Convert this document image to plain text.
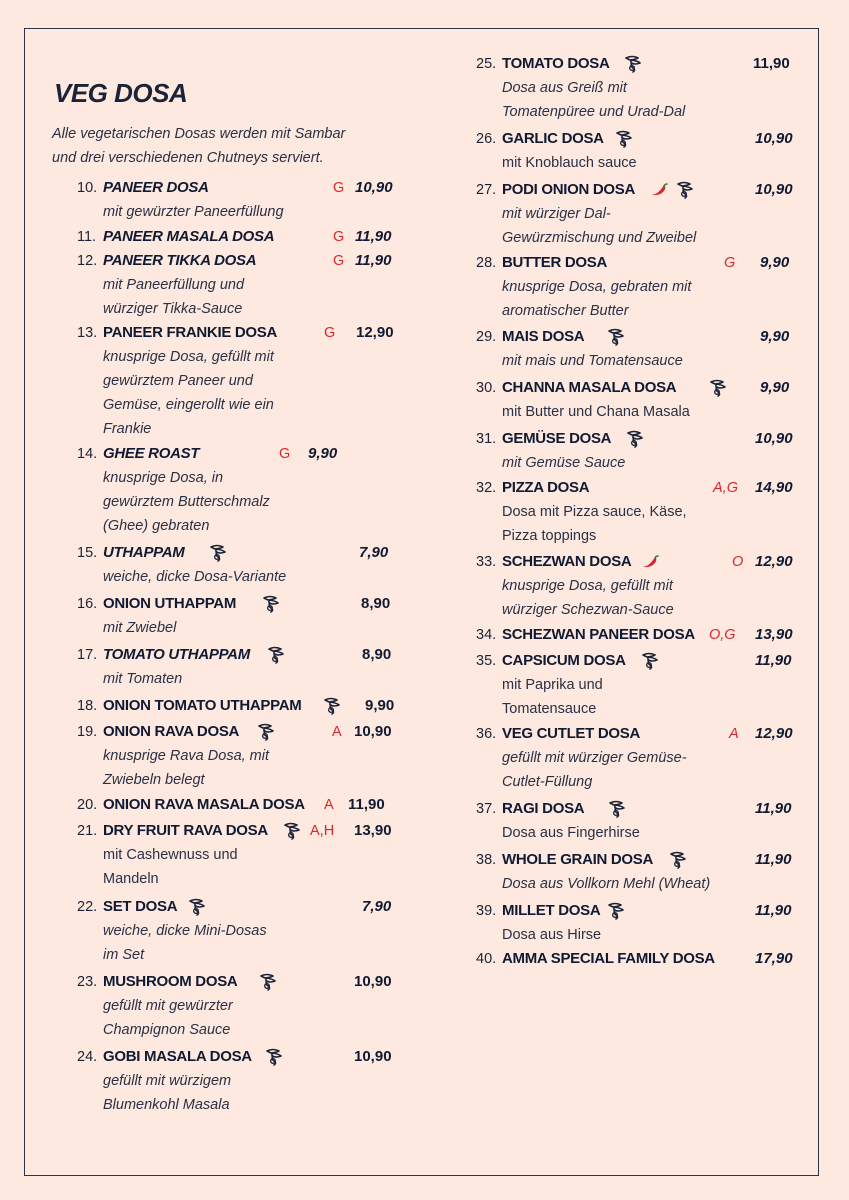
VEG DOSA
Alle vegetarischen Dosas werden mit Sambar
und drei verschiedenen Chutneys serviert.
10. PANEER DOSA	G 10,90
mit gewürzter Paneerfüllung
11. PANEER MASALA DOSA	G 11,90
12. PANEER TIKKA DOSA	G 11,90
mit Paneerfüllung und
würziger Tikka-Sauce
13. PANEER FRANKIE DOSA	G 12,90
knusprige Dosa, gefüllt mit
gewürztem Paneer und
Gemüse, eingerollt wie ein
Frankie
14. GHEE ROAST	G 9,90
knusprige Dosa, in
gewürztem Butterschmalz
(Ghee) gebraten
15. UTHAPPAM	7,90
weiche, dicke Dosa-Variante
16. ONION UTHAPPAM	8,90
mit Zwiebel
17. TOMATO UTHAPPAM	8,90
mit Tomaten
18. ONION TOMATO UTHAPPAM	9,90
19. ONION RAVA DOSA	A 10,90
knusprige Rava Dosa, mit
Zwiebeln belegt
20. ONION RAVA MASALA DOSA A 11,90
21. DRY FRUIT RAVA DOSA	A,H 13,90
mit Cashewnuss und
Mandeln
22. SET DOSA	7,90
weiche, dicke Mini-Dosas
im Set
23. MUSHROOM DOSA	10,90
gefüllt mit gewürzter
Champignon Sauce
24. GOBI MASALA DOSA	10,90
gefüllt mit würzigem
Blumenkohl Masala
25. TOMATO DOSA	11,90
Dosa aus Greiß mit
Tomatenpüree und Urad-Dal
26. GARLIC DOSA	10,90
mit Knoblauch sauce
27. PODI ONION DOSA	10,90
mit würziger Dal-
Gewürzmischung und Zweibel
28. BUTTER DOSA	G 9,90
knusprige Dosa, gebraten mit
aromatischer Butter
29. MAIS DOSA	9,90
mit mais und Tomatensauce
30. CHANNA MASALA DOSA	9,90
mit Butter und Chana Masala
31. GEMÜSE DOSA	10,90
mit Gemüse Sauce
32. PIZZA DOSA	A,G 14,90
Dosa mit Pizza sauce, Käse,
Pizza toppings
33. SCHEZWAN DOSA	O 12,90
knusprige Dosa, gefüllt mit
würziger Schezwan-Sauce
34. SCHEZWAN PANEER DOSA O,G 13,90
35. CAPSICUM DOSA	11,90
mit Paprika und
Tomatensauce
36. VEG CUTLET DOSA	A 12,90
gefüllt mit würziger Gemüse-
Cutlet-Füllung
37. RAGI DOSA	11,90
Dosa aus Fingerhirse
38. WHOLE GRAIN DOSA	11,90
Dosa aus Vollkorn Mehl (Wheat)
39. MILLET DOSA	11,90
Dosa aus Hirse
40. AMMA SPECIAL FAMILY DOSA	17,90
